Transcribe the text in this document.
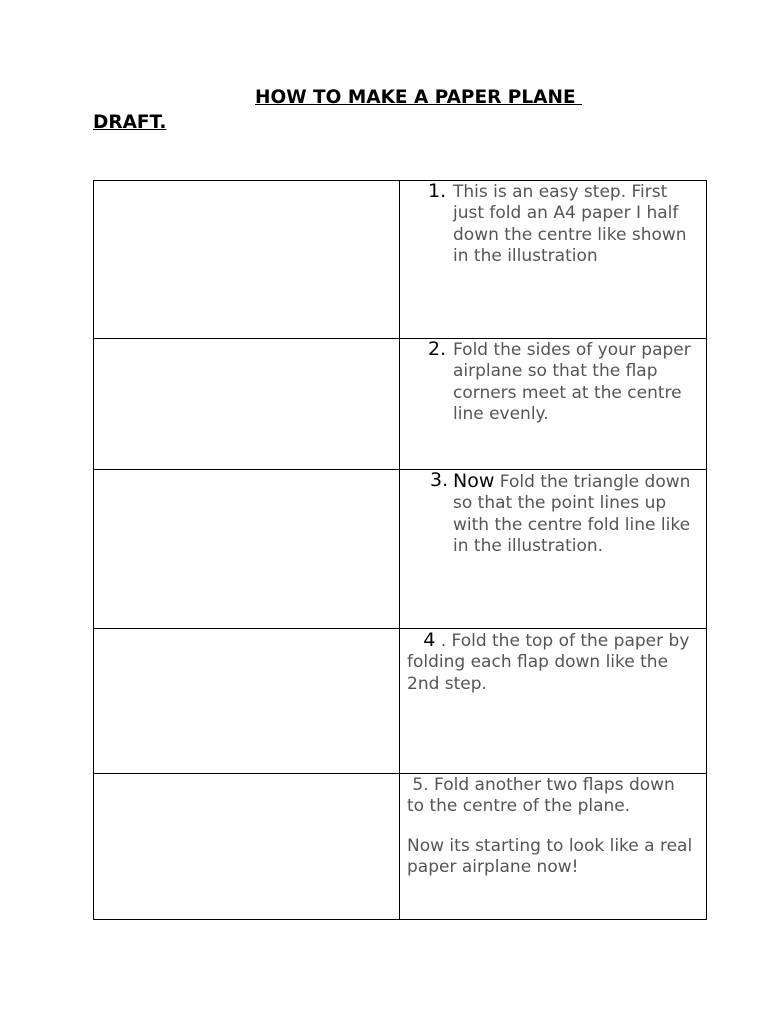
HOW TO MAKE A PAPER PLANE
DRAFT.

	1. This is an easy step. First just fold an A4 paper I half down the centre like shown in the illustration

	2. Fold the sides of your paper airplane so that the flap corners meet at the centre line evenly.

	3. Now Fold the triangle down so that the point lines up with the centre fold line like in the illustration.

	4 . Fold the top of the paper by    folding each flap down like the 2nd step.

	5. Fold another two flaps down    to the centre of the plane.
Now its starting to look like a real paper airplane now!
